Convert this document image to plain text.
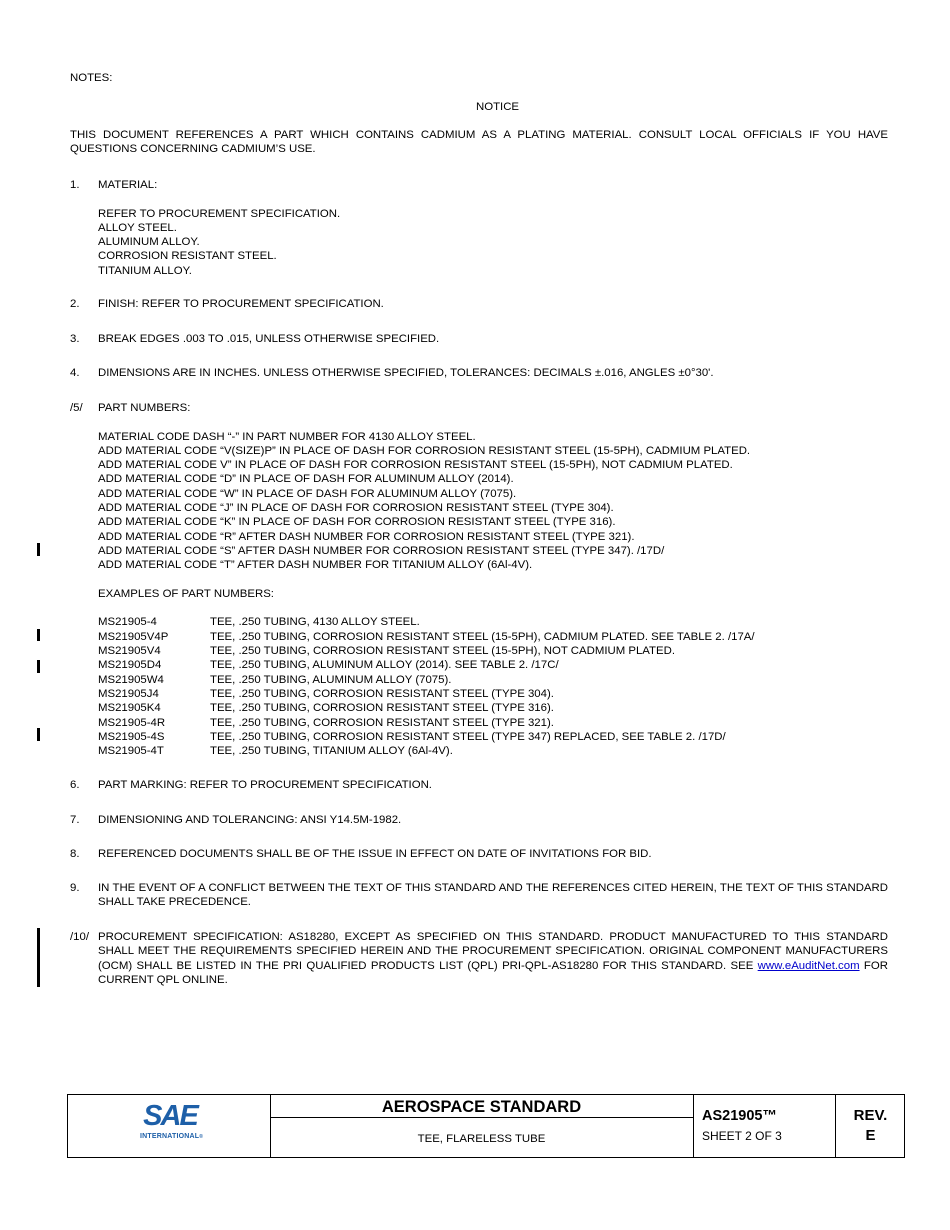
NOTES:
NOTICE
THIS DOCUMENT REFERENCES A PART WHICH CONTAINS CADMIUM AS A PLATING MATERIAL. CONSULT LOCAL OFFICIALS IF YOU HAVE QUESTIONS CONCERNING CADMIUM’S USE.
1. MATERIAL:
REFER TO PROCUREMENT SPECIFICATION.
ALLOY STEEL.
ALUMINUM ALLOY.
CORROSION RESISTANT STEEL.
TITANIUM ALLOY.
2. FINISH: REFER TO PROCUREMENT SPECIFICATION.
3. BREAK EDGES .003 TO .015, UNLESS OTHERWISE SPECIFIED.
4. DIMENSIONS ARE IN INCHES. UNLESS OTHERWISE SPECIFIED, TOLERANCES: DECIMALS ±.016, ANGLES ±0°30'.
/5/ PART NUMBERS:
MATERIAL CODE DASH “-” IN PART NUMBER FOR 4130 ALLOY STEEL.
ADD MATERIAL CODE “V(SIZE)P” IN PLACE OF DASH FOR CORROSION RESISTANT STEEL (15-5PH), CADMIUM PLATED.
ADD MATERIAL CODE V” IN PLACE OF DASH FOR CORROSION RESISTANT STEEL (15-5PH), NOT CADMIUM PLATED.
ADD MATERIAL CODE “D” IN PLACE OF DASH FOR ALUMINUM ALLOY (2014).
ADD MATERIAL CODE “W” IN PLACE OF DASH FOR ALUMINUM ALLOY (7075).
ADD MATERIAL CODE “J” IN PLACE OF DASH FOR CORROSION RESISTANT STEEL (TYPE 304).
ADD MATERIAL CODE “K” IN PLACE OF DASH FOR CORROSION RESISTANT STEEL (TYPE 316).
ADD MATERIAL CODE “R” AFTER DASH NUMBER FOR CORROSION RESISTANT STEEL (TYPE 321).
ADD MATERIAL CODE “S” AFTER DASH NUMBER FOR CORROSION RESISTANT STEEL (TYPE 347). /17D/
ADD MATERIAL CODE “T” AFTER DASH NUMBER FOR TITANIUM ALLOY (6Al-4V).
EXAMPLES OF PART NUMBERS:
MS21905-4	TEE, .250 TUBING, 4130 ALLOY STEEL.
MS21905V4P	TEE, .250 TUBING, CORROSION RESISTANT STEEL (15-5PH), CADMIUM PLATED. SEE TABLE 2. /17A/
MS21905V4	TEE, .250 TUBING, CORROSION RESISTANT STEEL (15-5PH), NOT CADMIUM PLATED.
MS21905D4	TEE, .250 TUBING, ALUMINUM ALLOY (2014). SEE TABLE 2. /17C/
MS21905W4	TEE, .250 TUBING, ALUMINUM ALLOY (7075).
MS21905J4	TEE, .250 TUBING, CORROSION RESISTANT STEEL (TYPE 304).
MS21905K4	TEE, .250 TUBING, CORROSION RESISTANT STEEL (TYPE 316).
MS21905-4R	TEE, .250 TUBING, CORROSION RESISTANT STEEL (TYPE 321).
MS21905-4S	TEE, .250 TUBING, CORROSION RESISTANT STEEL (TYPE 347) REPLACED, SEE TABLE 2. /17D/
MS21905-4T	TEE, .250 TUBING, TITANIUM ALLOY (6Al-4V).
6. PART MARKING: REFER TO PROCUREMENT SPECIFICATION.
7. DIMENSIONING AND TOLERANCING: ANSI Y14.5M-1982.
8. REFERENCED DOCUMENTS SHALL BE OF THE ISSUE IN EFFECT ON DATE OF INVITATIONS FOR BID.
9. IN THE EVENT OF A CONFLICT BETWEEN THE TEXT OF THIS STANDARD AND THE REFERENCES CITED HEREIN, THE TEXT OF THIS STANDARD SHALL TAKE PRECEDENCE.
/10/ PROCUREMENT SPECIFICATION: AS18280, EXCEPT AS SPECIFIED ON THIS STANDARD. PRODUCT MANUFACTURED TO THIS STANDARD SHALL MEET THE REQUIREMENTS SPECIFIED HEREIN AND THE PROCUREMENT SPECIFICATION. ORIGINAL COMPONENT MANUFACTURERS (OCM) SHALL BE LISTED IN THE PRI QUALIFIED PRODUCTS LIST (QPL) PRI-QPL-AS18280 FOR THIS STANDARD. SEE www.eAuditNet.com FOR CURRENT QPL ONLINE.
SAE
INTERNATIONAL®
AEROSPACE STANDARD
TEE, FLARELESS TUBE
AS21905™
SHEET 2 OF 3
REV.
E
